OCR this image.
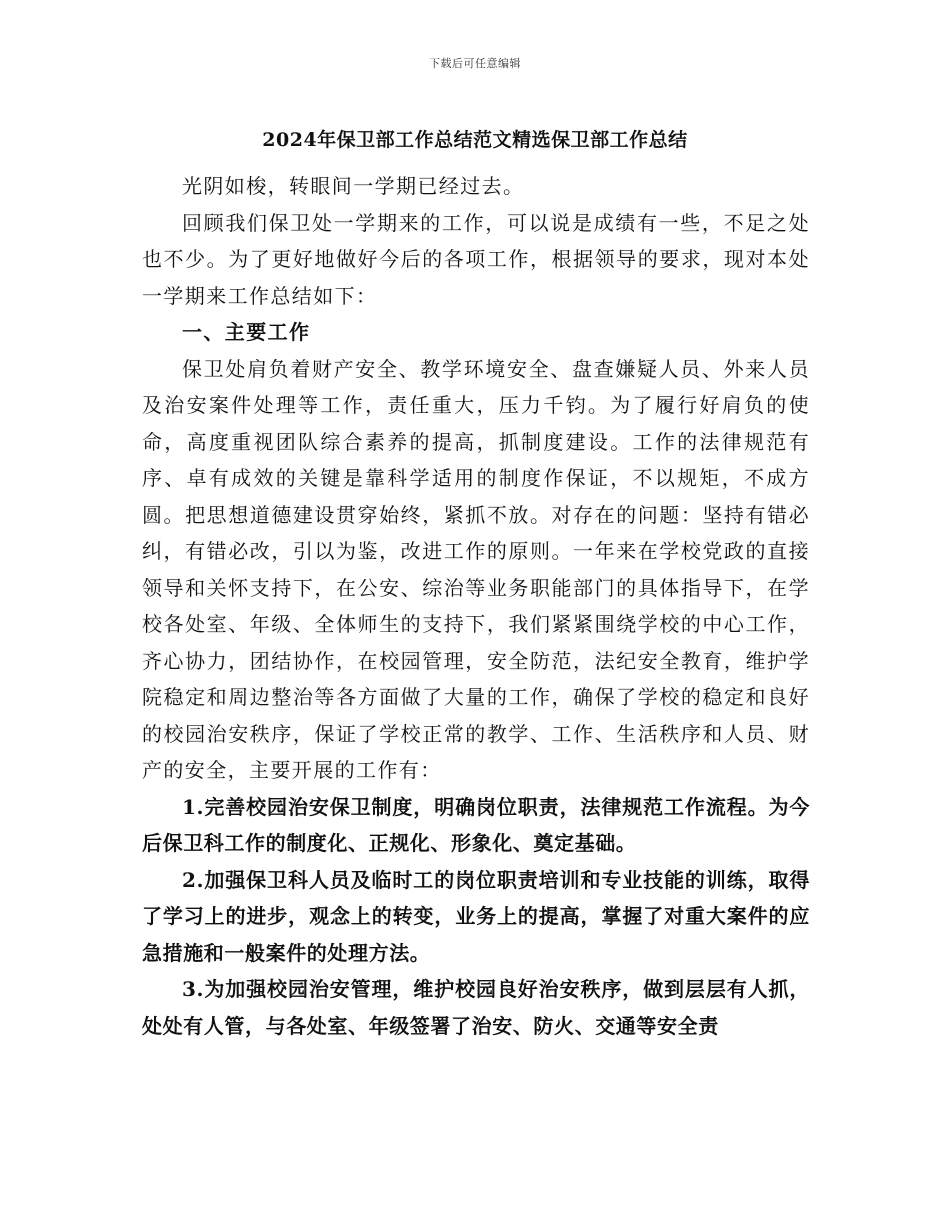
下载后可任意编辑
2024年保卫部工作总结范文精选保卫部工作总结

光阴如梭，转眼间一学期已经过去。

回顾我们保卫处一学期来的工作，可以说是成绩有一些，不足之处也不少。为了更好地做好今后的各项工作，根据领导的要求，现对本处一学期来工作总结如下：

一、主要工作

保卫处肩负着财产安全、教学环境安全、盘查嫌疑人员、外来人员及治安案件处理等工作，责任重大，压力千钧。为了履行好肩负的使命，高度重视团队综合素养的提高，抓制度建设。工作的法律规范有序、卓有成效的关键是靠科学适用的制度作保证，不以规矩，不成方圆。把思想道德建设贯穿始终，紧抓不放。对存在的问题：坚持有错必纠，有错必改，引以为鉴，改进工作的原则。一年来在学校党政的直接领导和关怀支持下，在公安、综治等业务职能部门的具体指导下，在学校各处室、年级、全体师生的支持下，我们紧紧围绕学校的中心工作，齐心协力，团结协作，在校园管理，安全防范，法纪安全教育，维护学院稳定和周边整治等各方面做了大量的工作，确保了学校的稳定和良好的校园治安秩序，保证了学校正常的教学、工作、生活秩序和人员、财产的安全，主要开展的工作有：

1.完善校园治安保卫制度，明确岗位职责，法律规范工作流程。为今后保卫科工作的制度化、正规化、形象化、奠定基础。

2.加强保卫科人员及临时工的岗位职责培训和专业技能的训练，取得了学习上的进步，观念上的转变，业务上的提高，掌握了对重大案件的应急措施和一般案件的处理方法。

3.为加强校园治安管理，维护校园良好治安秩序，做到层层有人抓，处处有人管，与各处室、年级签署了治安、防火、交通等安全责
